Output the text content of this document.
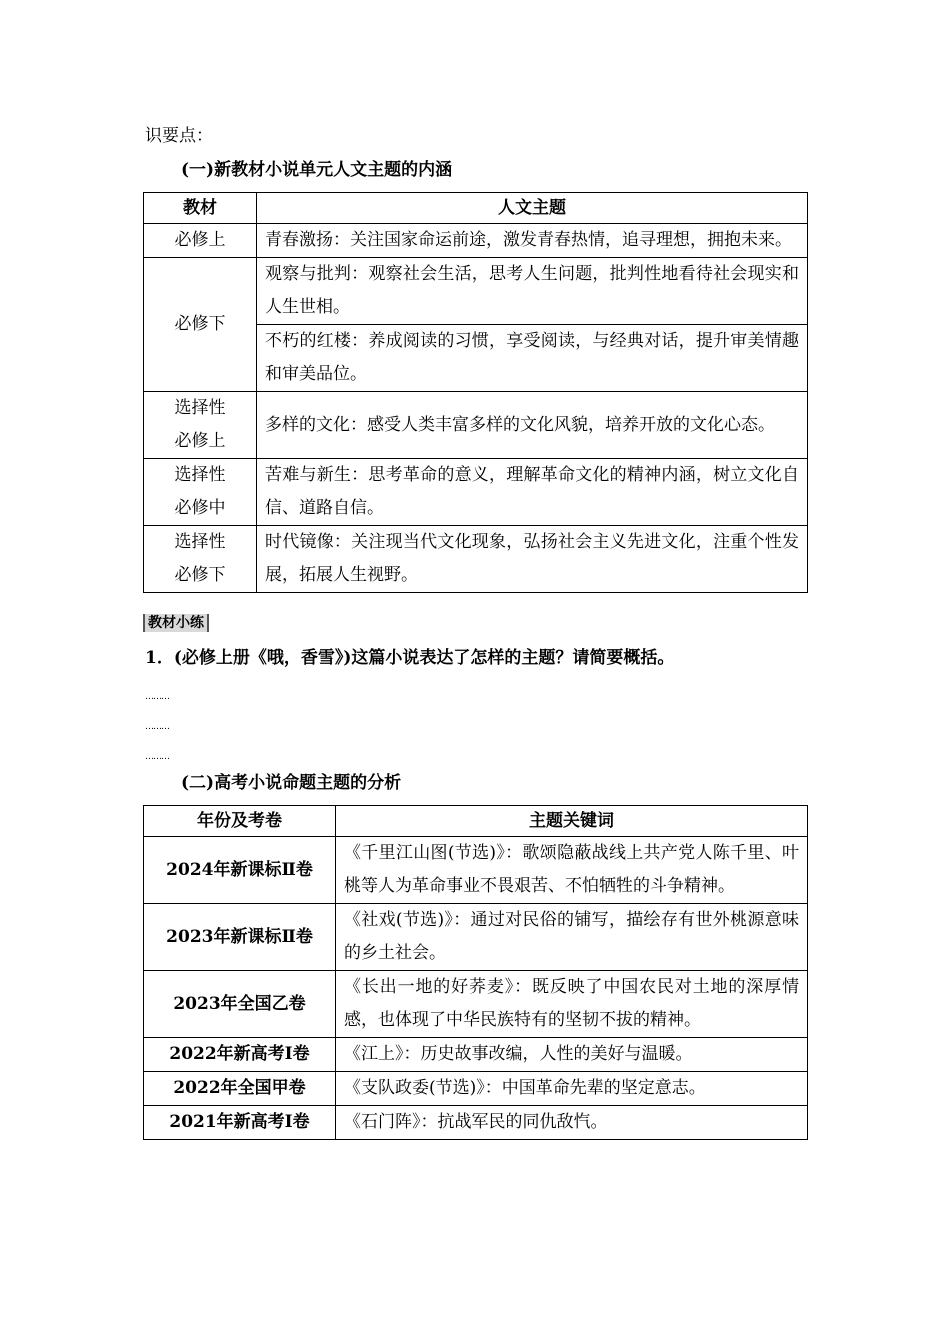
识要点：
(一)新教材小说单元人文主题的内涵
教材	人文主题
必修上	青春激扬：关注国家命运前途，激发青春热情，追寻理想，拥抱未来。
必修下	观察与批判：观察社会生活，思考人生问题，批判性地看待社会现实和人生世相。
	不朽的红楼：养成阅读的习惯，享受阅读，与经典对话，提升审美情趣和审美品位。
选择性必修上	多样的文化：感受人类丰富多样的文化风貌，培养开放的文化心态。
选择性必修中	苦难与新生：思考革命的意义，理解革命文化的精神内涵，树立文化自信、道路自信。
选择性必修下	时代镜像：关注现当代文化现象，弘扬社会主义先进文化，注重个性发展，拓展人生视野。
教材小练
1．(必修上册《哦，香雪》)这篇小说表达了怎样的主题？请简要概括。
………
………
………
(二)高考小说命题主题的分析
年份及考卷	主题关键词
2024年新课标Ⅱ卷	《千里江山图(节选)》：歌颂隐蔽战线上共产党人陈千里、叶桃等人为革命事业不畏艰苦、不怕牺牲的斗争精神。
2023年新课标Ⅱ卷	《社戏(节选)》：通过对民俗的铺写，描绘存有世外桃源意味的乡土社会。
2023年全国乙卷	《长出一地的好荞麦》：既反映了中国农民对土地的深厚情感，也体现了中华民族特有的坚韧不拔的精神。
2022年新高考Ⅰ卷	《江上》：历史故事改编，人性的美好与温暖。
2022年全国甲卷	《支队政委(节选)》：中国革命先辈的坚定意志。
2021年新高考Ⅰ卷	《石门阵》：抗战军民的同仇敌忾。
